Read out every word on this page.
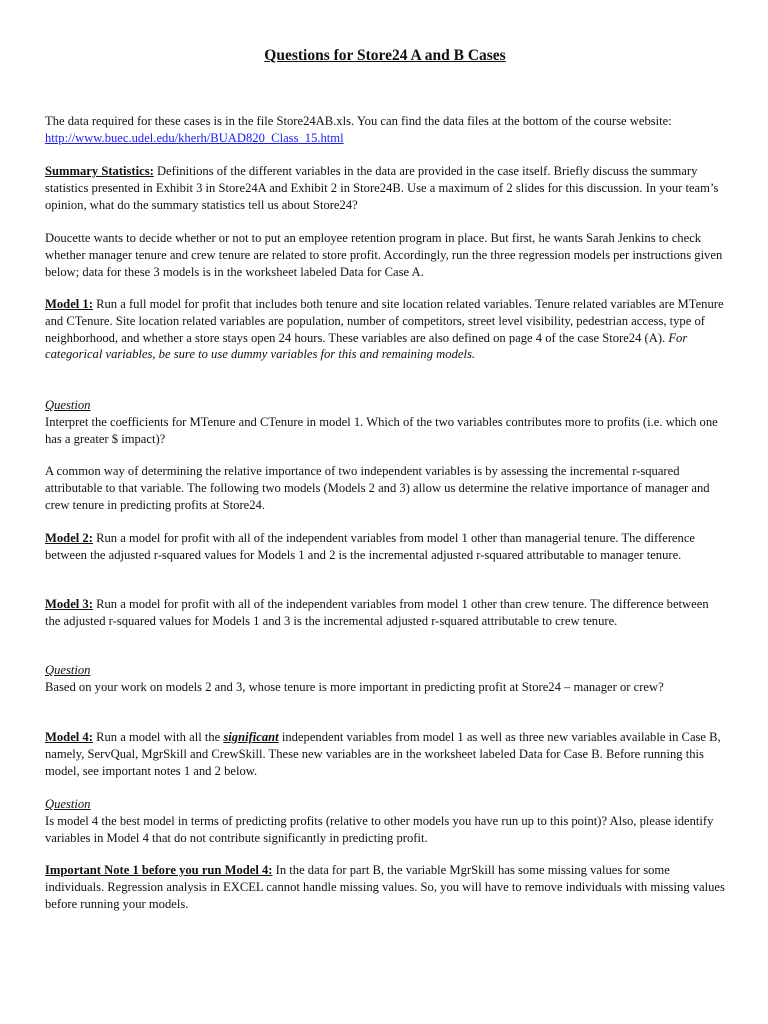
Questions for Store24 A and B Cases

The data required for these cases is in the file Store24AB.xls. You can find the data files at the bottom of the course website: http://www.buec.udel.edu/kherh/BUAD820_Class_15.html

Summary Statistics: Definitions of the different variables in the data are provided in the case itself. Briefly discuss the summary statistics presented in Exhibit 3 in Store24A and Exhibit 2 in Store24B. Use a maximum of 2 slides for this discussion. In your team’s opinion, what do the summary statistics tell us about Store24?

Doucette wants to decide whether or not to put an employee retention program in place. But first, he wants Sarah Jenkins to check whether manager tenure and crew tenure are related to store profit. Accordingly, run the three regression models per instructions given below; data for these 3 models is in the worksheet labeled Data for Case A.

Model 1: Run a full model for profit that includes both tenure and site location related variables. Tenure related variables are MTenure and CTenure. Site location related variables are population, number of competitors, street level visibility, pedestrian access, type of neighborhood, and whether a store stays open 24 hours. These variables are also defined on page 4 of the case Store24 (A). For categorical variables, be sure to use dummy variables for this and remaining models.

Question
Interpret the coefficients for MTenure and CTenure in model 1. Which of the two variables contributes more to profits (i.e. which one has a greater $ impact)?

A common way of determining the relative importance of two independent variables is by assessing the incremental r-squared attributable to that variable. The following two models (Models 2 and 3) allow us determine the relative importance of manager and crew tenure in predicting profits at Store24.

Model 2: Run a model for profit with all of the independent variables from model 1 other than managerial tenure. The difference between the adjusted r-squared values for Models 1 and 2 is the incremental adjusted r-squared attributable to manager tenure.

Model 3: Run a model for profit with all of the independent variables from model 1 other than crew tenure. The difference between the adjusted r-squared values for Models 1 and 3 is the incremental adjusted r-squared attributable to crew tenure.

Question
Based on your work on models 2 and 3, whose tenure is more important in predicting profit at Store24 – manager or crew?

Model 4: Run a model with all the significant independent variables from model 1 as well as three new variables available in Case B, namely, ServQual, MgrSkill and CrewSkill. These new variables are in the worksheet labeled Data for Case B. Before running this model, see important notes 1 and 2 below.

Question
Is model 4 the best model in terms of predicting profits (relative to other models you have run up to this point)? Also, please identify variables in Model 4 that do not contribute significantly in predicting profit.

Important Note 1 before you run Model 4: In the data for part B, the variable MgrSkill has some missing values for some individuals. Regression analysis in EXCEL cannot handle missing values. So, you will have to remove individuals with missing values before running your models.
